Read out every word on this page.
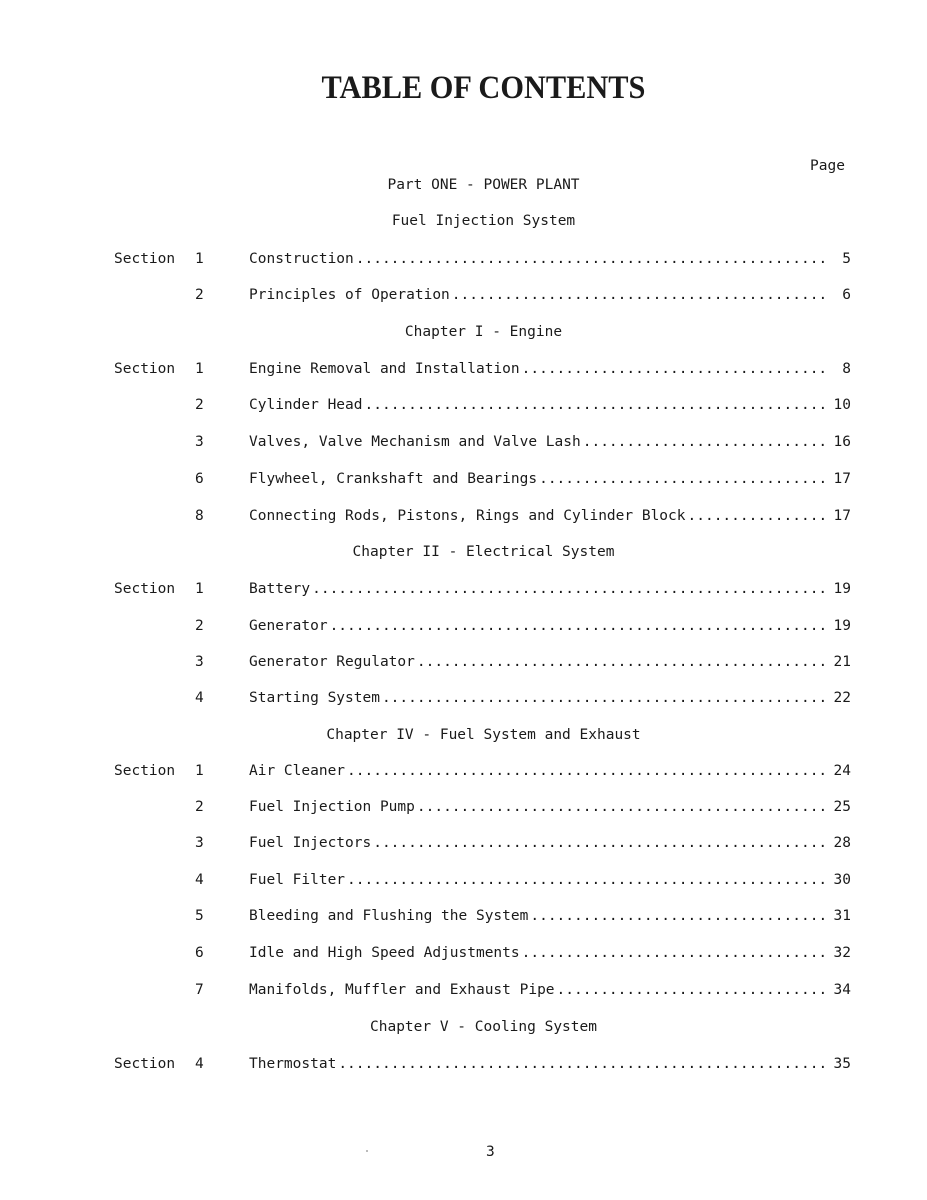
TABLE OF CONTENTS
Page
Part ONE - POWER PLANT
Fuel Injection System
Section 1	Construction .....	5
2	Principles of Operation .....	6
Chapter I - Engine
Section 1	Engine Removal and Installation .....	8
2	Cylinder Head .....	10
3	Valves, Valve Mechanism and Valve Lash .....	16
6	Flywheel, Crankshaft and Bearings .....	17
8	Connecting Rods, Pistons, Rings and Cylinder Block .....	17
Chapter II - Electrical System
Section 1	Battery .....	19
2	Generator .....	19
3	Generator Regulator .....	21
4	Starting System .....	22
Chapter IV - Fuel System and Exhaust
Section 1	Air Cleaner .....	24
2	Fuel Injection Pump .....	25
3	Fuel Injectors .....	28
4	Fuel Filter .....	30
5	Bleeding and Flushing the System .....	31
6	Idle and High Speed Adjustments .....	32
7	Manifolds, Muffler and Exhaust Pipe .....	34
Chapter V - Cooling System
Section 4	Thermostat .....	35
3
